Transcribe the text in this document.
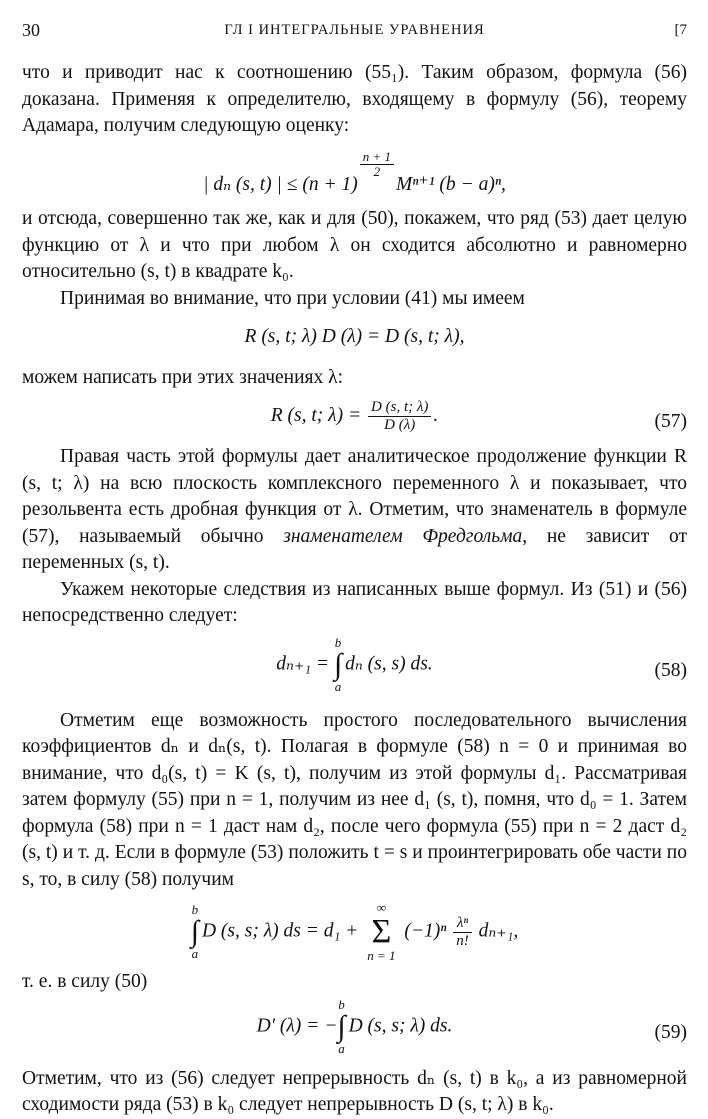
30	ГЛ I ИНТЕГРАЛЬНЫЕ УРАВНЕНИЯ	[7

что и приводит нас к соотношению (55₁). Таким образом, формула (56) доказана. Применяя к определителю, входящему в формулу (56), теорему Адамара, получим следующую оценку:

| dₙ (s, t) | ≤ (n + 1)
$\frac{n + 1}{2}$
Mⁿ⁺¹ (b − a)ⁿ,

и отсюда, совершенно так же, как и для (50), покажем, что ряд (53) дает целую функцию от λ и что при любом λ он сходится абсолютно и равномерно относительно (s, t) в квадрате k₀.

Принимая во внимание, что при условии (41) мы имеем

R (s, t; λ) D (λ) = D (s, t; λ),

можем написать при этих значениях λ:

R (s, t; $\lambda) = \frac{D (s, t; \lambda)}{D (\lambda)}$ .	(57)

Правая часть этой формулы дает аналитическое продолжение функции R (s, t; λ) на всю плоскость комплексного переменного λ и показывает, что резольвента есть дробная функция от λ. Отметим, что знаменатель в формуле (57), называемый обычно знаменателем Фредгольма, не зависит от переменных (s, t).

Укажем некоторые следствия из написанных выше формул. Из (51) и (56) непосредственно следует:

dₙ₊₁ = b
∫
adₙ (s, s) ds.	(58)

Отметим еще возможность простого последовательного вычисления коэффициентов dₙ и dₙ(s, t). Полагая в формуле (58) n = 0 и принимая во внимание, что d₀(s, t) = K (s, t), получим из этой формулы d₁. Рассматривая затем формулу (55) при n = 1, получим из нее d₁ (s, t), помня, что d₀ = 1. Затем формула (58) при n = 1 даст нам d₂, после чего формула (55) при n = 2 даст d₂ (s, t) и т. д. Если в формуле (53) положить t = s и проинтегрировать обе части по s, то, в силу (58) получим

b
∫
aD (s, s; λ) ds = d₁ + ∞
Σ
n = 1 $(-1)^n \frac{\text{λⁿ}}{n!} d_{n+1}$,

т. е. в силу (50)

D′ (λ) = −b
∫
aD (s, s; λ) ds.	(59)

Отметим, что из (56) следует непрерывность dₙ (s, t) в k₀, а из равномерной сходимости ряда (53) в k₀ следует непрерывность D (s, t; λ) в k₀.
